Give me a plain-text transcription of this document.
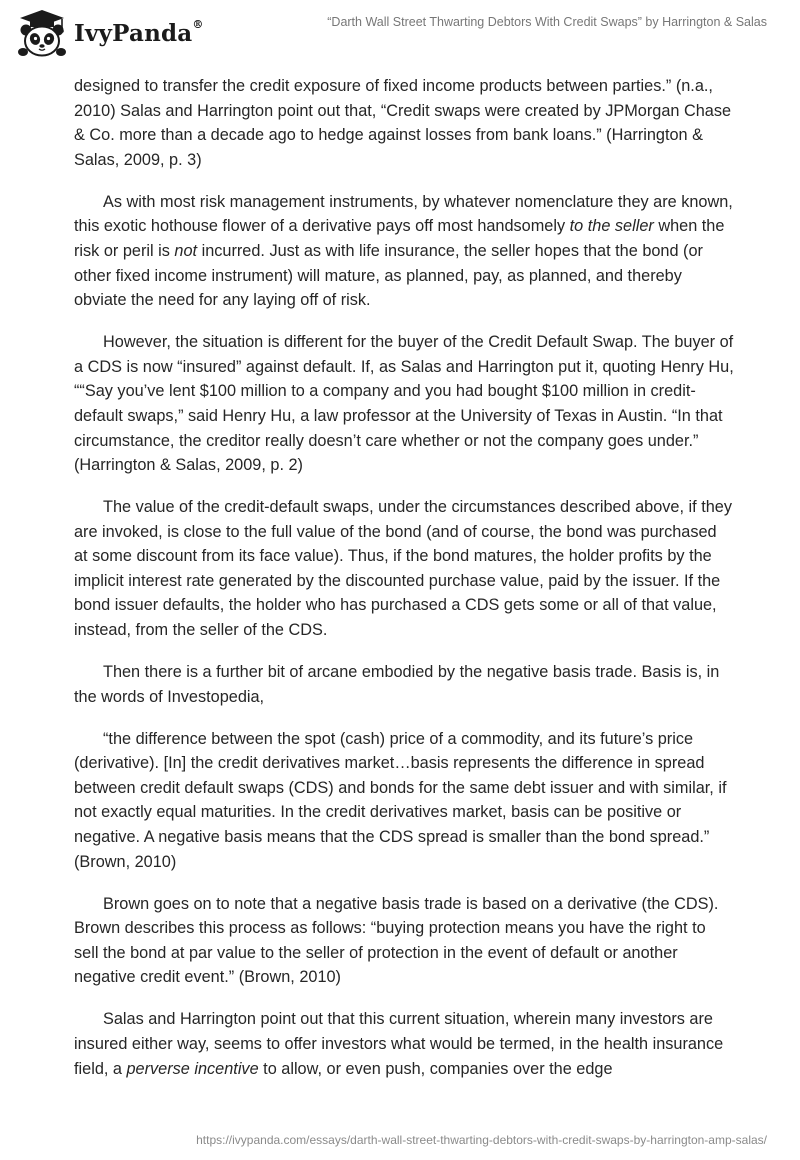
IvyPanda®	“Darth Wall Street Thwarting Debtors With Credit Swaps” by Harrington & Salas

designed to transfer the credit exposure of fixed income products between parties.” (n.a., 2010) Salas and Harrington point out that, “Credit swaps were created by JPMorgan Chase & Co. more than a decade ago to hedge against losses from bank loans.” (Harrington & Salas, 2009, p. 3)

As with most risk management instruments, by whatever nomenclature they are known, this exotic hothouse flower of a derivative pays off most handsomely to the seller when the risk or peril is not incurred. Just as with life insurance, the seller hopes that the bond (or other fixed income instrument) will mature, as planned, pay, as planned, and thereby obviate the need for any laying off of risk.

However, the situation is different for the buyer of the Credit Default Swap. The buyer of a CDS is now “insured” against default. If, as Salas and Harrington put it, quoting Henry Hu, ““Say you’ve lent $100 million to a company and you had bought $100 million in credit-default swaps,” said Henry Hu, a law professor at the University of Texas in Austin. “In that circumstance, the creditor really doesn’t care whether or not the company goes under.” (Harrington & Salas, 2009, p. 2)

The value of the credit-default swaps, under the circumstances described above, if they are invoked, is close to the full value of the bond (and of course, the bond was purchased at some discount from its face value). Thus, if the bond matures, the holder profits by the implicit interest rate generated by the discounted purchase value, paid by the issuer. If the bond issuer defaults, the holder who has purchased a CDS gets some or all of that value, instead, from the seller of the CDS.

Then there is a further bit of arcane embodied by the negative basis trade. Basis is, in the words of Investopedia,

“the difference between the spot (cash) price of a commodity, and its future’s price (derivative). [In] the credit derivatives market…basis represents the difference in spread between credit default swaps (CDS) and bonds for the same debt issuer and with similar, if not exactly equal maturities. In the credit derivatives market, basis can be positive or negative. A negative basis means that the CDS spread is smaller than the bond spread.” (Brown, 2010)

Brown goes on to note that a negative basis trade is based on a derivative (the CDS). Brown describes this process as follows: “buying protection means you have the right to sell the bond at par value to the seller of protection in the event of default or another negative credit event.” (Brown, 2010)

Salas and Harrington point out that this current situation, wherein many investors are insured either way, seems to offer investors what would be termed, in the health insurance field, a perverse incentive to allow, or even push, companies over the edge

https://ivypanda.com/essays/darth-wall-street-thwarting-debtors-with-credit-swaps-by-harrington-amp-salas/
